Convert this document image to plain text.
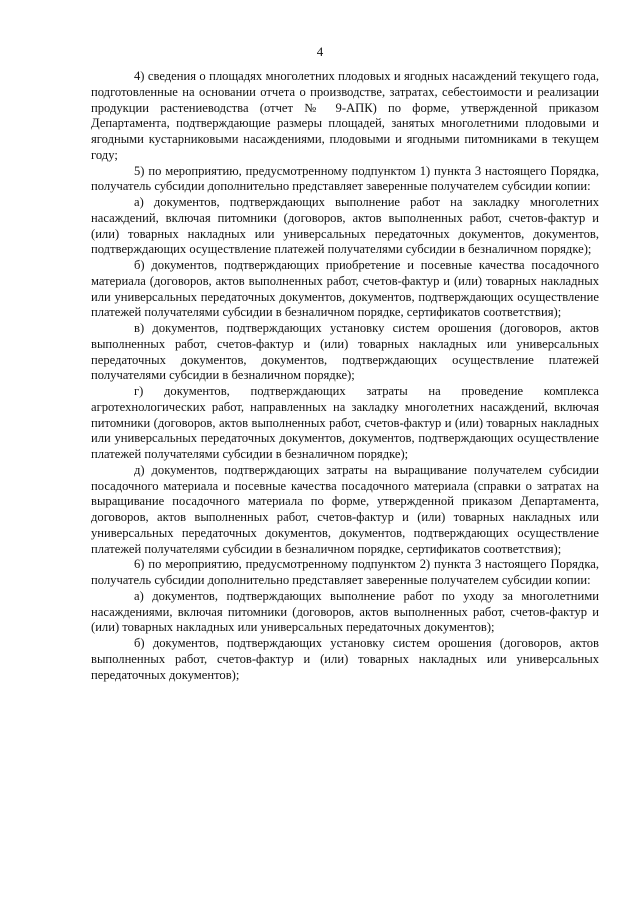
4

4) сведения о площадях многолетних плодовых и ягодных насаждений текущего года, подготовленные на основании отчета о производстве, затратах, себестоимости и реализации продукции растениеводства (отчет № 9-АПК) по форме, утвержденной приказом Департамента, подтверждающие размеры площадей, занятых многолетними плодовыми и ягодными кустарниковыми насаждениями, плодовыми и ягодными питомниками в текущем году;

5) по мероприятию, предусмотренному подпунктом 1) пункта 3 настоящего Порядка, получатель субсидии дополнительно представляет заверенные получателем субсидии копии:

а) документов, подтверждающих выполнение работ на закладку многолетних насаждений, включая питомники (договоров, актов выполненных работ, счетов-фактур и (или) товарных накладных или универсальных передаточных документов, документов, подтверждающих осуществление платежей получателями субсидии в безналичном порядке);

б) документов, подтверждающих приобретение и посевные качества посадочного материала (договоров, актов выполненных работ, счетов-фактур и (или) товарных накладных или универсальных передаточных документов, документов, подтверждающих осуществление платежей получателями субсидии в безналичном порядке, сертификатов соответствия);

в) документов, подтверждающих установку систем орошения (договоров, актов выполненных работ, счетов-фактур и (или) товарных накладных или универсальных передаточных документов, документов, подтверждающих осуществление платежей получателями субсидии в безналичном порядке);

г) документов, подтверждающих затраты на проведение комплекса агротехнологических работ, направленных на закладку многолетних насаждений, включая питомники (договоров, актов выполненных работ, счетов-фактур и (или) товарных накладных или универсальных передаточных документов, документов, подтверждающих осуществление платежей получателями субсидии в безналичном порядке);

д) документов, подтверждающих затраты на выращивание получателем субсидии посадочного материала и посевные качества посадочного материала (справки о затратах на выращивание посадочного материала по форме, утвержденной приказом Департамента, договоров, актов выполненных работ, счетов-фактур и (или) товарных накладных или универсальных передаточных документов, документов, подтверждающих осуществление платежей получателями субсидии в безналичном порядке, сертификатов соответствия);

6) по мероприятию, предусмотренному подпунктом 2) пункта 3 настоящего Порядка, получатель субсидии дополнительно представляет заверенные получателем субсидии копии:

а) документов, подтверждающих выполнение работ по уходу за многолетними насаждениями, включая питомники (договоров, актов выполненных работ, счетов-фактур и (или) товарных накладных или универсальных передаточных документов);

б) документов, подтверждающих установку систем орошения (договоров, актов выполненных работ, счетов-фактур и (или) товарных накладных или универсальных передаточных документов);
